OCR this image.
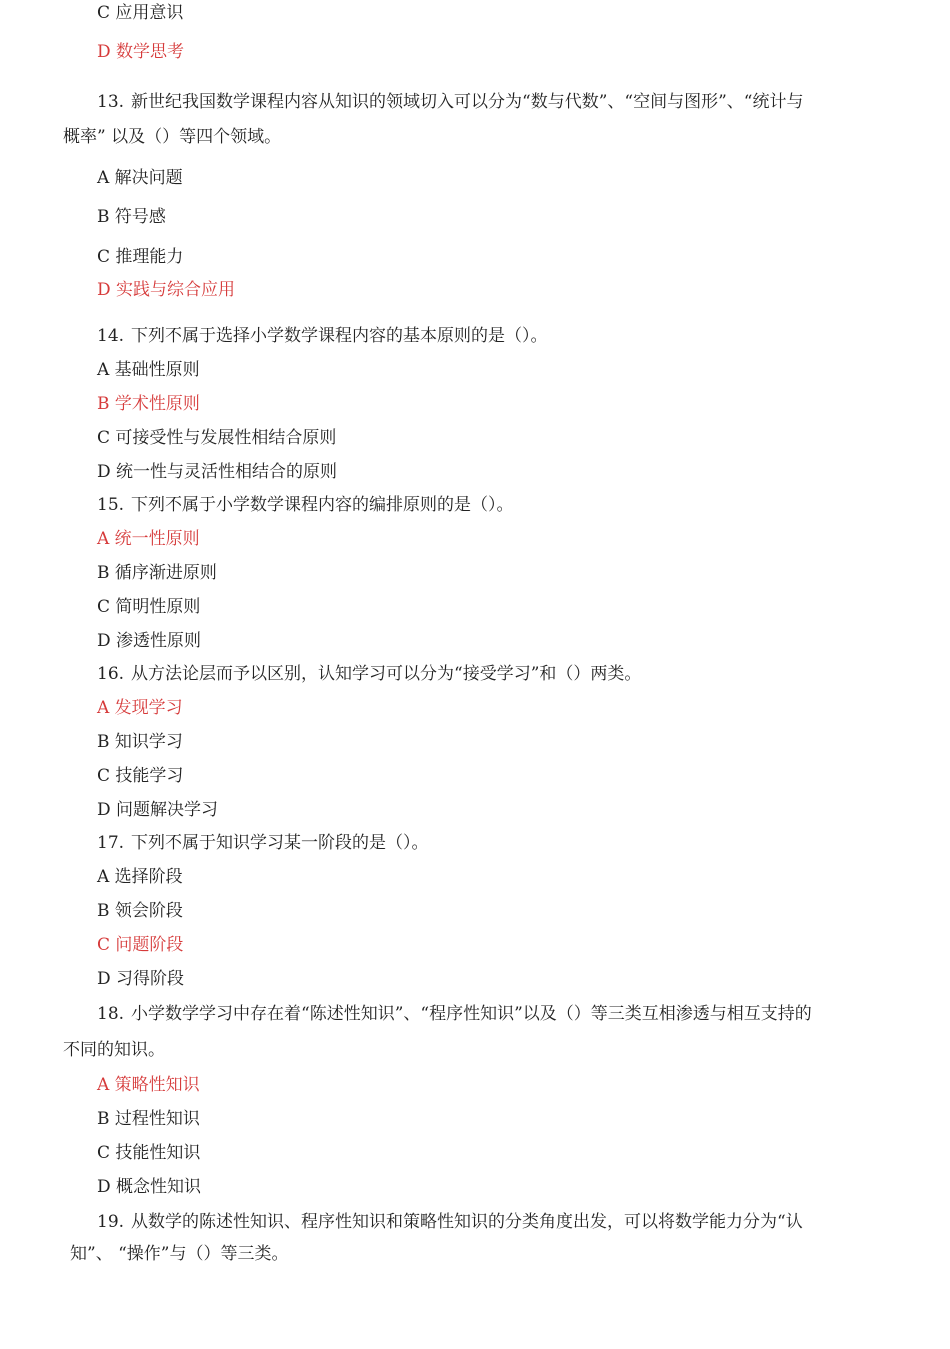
C 应用意识
D 数学思考
13. 新世纪我国数学课程内容从知识的领域切入可以分为“数与代数”、“空间与图形”、“统计与
概率” 以及（）等四个领域。
A 解决问题
B 符号感
C 推理能力
D 实践与综合应用
14. 下列不属于选择小学数学课程内容的基本原则的是（）。
A 基础性原则
B 学术性原则
C 可接受性与发展性相结合原则
D 统一性与灵活性相结合的原则
15. 下列不属于小学数学课程内容的编排原则的是（）。
A 统一性原则
B 循序渐进原则
C 简明性原则
D 渗透性原则
16. 从方法论层而予以区别，认知学习可以分为“接受学习”和（）两类。
A 发现学习
B 知识学习
C 技能学习
D 问题解决学习
17. 下列不属于知识学习某一阶段的是（）。
A 选择阶段
B 领会阶段
C 问题阶段
D 习得阶段
18. 小学数学学习中存在着“陈述性知识”、“程序性知识”以及（）等三类互相渗透与相互支持的
不同的知识。
A 策略性知识
B 过程性知识
C 技能性知识
D 概念性知识
19. 从数学的陈述性知识、程序性知识和策略性知识的分类角度出发，可以将数学能力分为“认
知”、 “操作”与（）等三类。
